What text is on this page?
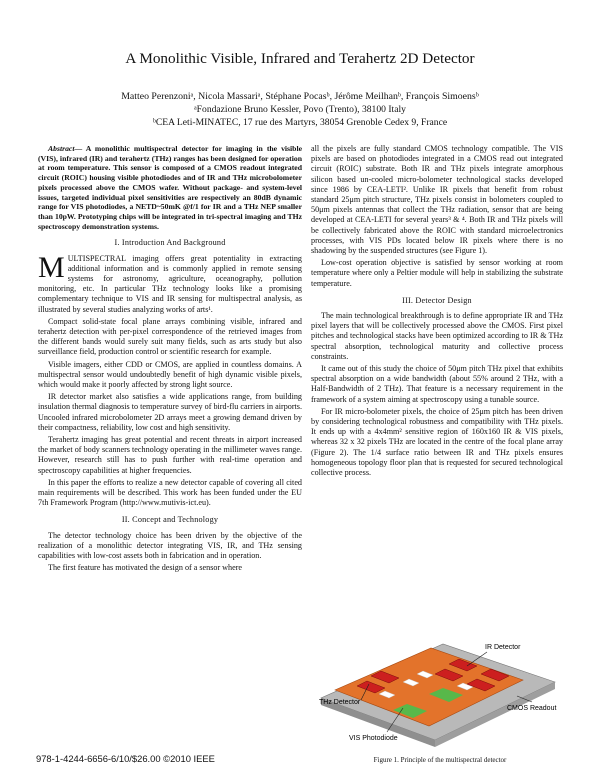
A Monolithic Visible, Infrared and Terahertz 2D Detector
Matteo Perenzoniᵃ, Nicola Massariᵃ, Stéphane Pocasᵇ, Jérôme Meilhanᵇ, François Simoensᵇ
ᵃFondazione Bruno Kessler, Povo (Trento), 38100 Italy
ᵇCEA Leti-MINATEC, 17 rue des Martyrs, 38054 Grenoble Cedex 9, France

Abstract— A monolithic multispectral detector for imaging in the visible (VIS), infrared (IR) and terahertz (THz) ranges has been designed for operation at room temperature. This sensor is composed of a CMOS readout integrated circuit (ROIC) housing visible photodiodes and of IR and THz microbolometer pixels processed above the CMOS wafer. Without package- and system-level issues, targeted individual pixel sensitivities are respectively an 80dB dynamic range for VIS photodiodes, a NETD~50mK @f/1 for IR and a THz NEP smaller than 10pW. Prototyping chips will be integrated in tri-spectral imaging and THz spectroscopy demonstration systems.

I. Introduction And Background

MULTISPECTRAL imaging offers great potentiality in extracting additional information and is commonly applied in remote sensing systems for astronomy, agriculture, oceanography, pollution monitoring, etc. In particular THz technology looks like a promising complementary technique to VIS and IR sensing for multispectral analysis, as illustrated by several studies analyzing works of arts¹.

Compact solid-state focal plane arrays combining visible, infrared and terahertz detection with per-pixel correspondence of the retrieved images from the different bands would surely suit many fields, such as arts study but also surveillance field, production control or scientific research for example.

Visible imagers, either CDD or CMOS, are applied in countless domains. A multispectral sensor would undoubtedly benefit of high dynamic visible pixels, which would make it poorly affected by strong light source.

IR detector market also satisfies a wide applications range, from building insulation thermal diagnosis to temperature survey of bird-flu carriers in airports. Uncooled infrared microbolometer 2D arrays meet a growing demand driven by their compactness, reliability, low cost and high sensitivity.

Terahertz imaging has great potential and recent threats in airport increased the market of body scanners technology operating in the millimeter waves range. However, research still has to push further with real-time operation and spectroscopy capabilities at higher frequencies.

In this paper the efforts to realize a new detector capable of covering all cited main requirements will be described. This work has been funded under the EU 7th Framework Program (http://www.mutivis-ict.eu).

II. Concept and Technology

The detector technology choice has been driven by the objective of the realization of a monolithic detector integrating VIS, IR, and THz sensing capabilities with low-cost assets both in fabrication and in operation.

The first feature has motivated the design of a sensor where

all the pixels are fully standard CMOS technology compatible. The VIS pixels are based on photodiodes integrated in a CMOS read out integrated circuit (ROIC) substrate. Both IR and THz pixels integrate amorphous silicon based un-cooled micro-bolometer technological stacks developed since 1986 by CEA-LETI². Unlike IR pixels that benefit from robust standard 25μm pitch structure, THz pixels consist in bolometers coupled to 50μm pixels antennas that collect the THz radiation, sensor that are being developed at CEA-LETI for several years³ & ⁴. Both IR and THz pixels will be collectively fabricated above the ROIC with standard microelectronics processes, with VIS PDs located below IR pixels where there is no shadowing by the suspended structures (see Figure 1).

Low-cost operation objective is satisfied by sensor working at room temperature where only a Peltier module will help in stabilizing the substrate temperature.

III. Detector Design

The main technological breakthrough is to define appropriate IR and THz pixel layers that will be collectively processed above the CMOS. First pixel pitches and technological stacks have been optimized according to IR & THz spectral absorption, technological maturity and collective process constraints.

It came out of this study the choice of 50μm pitch THz pixel that exhibits spectral absorption on a wide bandwidth (about 55% around 2 THz, with a Half-Bandwidth of 2 THz). That feature is a necessary requirement in the framework of a system aiming at spectroscopy using a tunable source.

For IR micro-bolometer pixels, the choice of 25μm pitch has been driven by considering technological robustness and compatibility with THz pixels. It ends up with a 4x4mm² sensitive region of 160x160 IR & VIS pixels, whereas 32 x 32 pixels THz are located in the centre of the focal plane array (Figure 2). The 1/4 surface ratio between IR and THz pixels ensures homogeneous topology floor plan that is requested for secured technological collective process.

IR Detector
THz Detector
CMOS Readout
VIS Photodiode
Figure 1. Principle of the multispectral detector
978-1-4244-6656-6/10/$26.00 ©2010 IEEE
